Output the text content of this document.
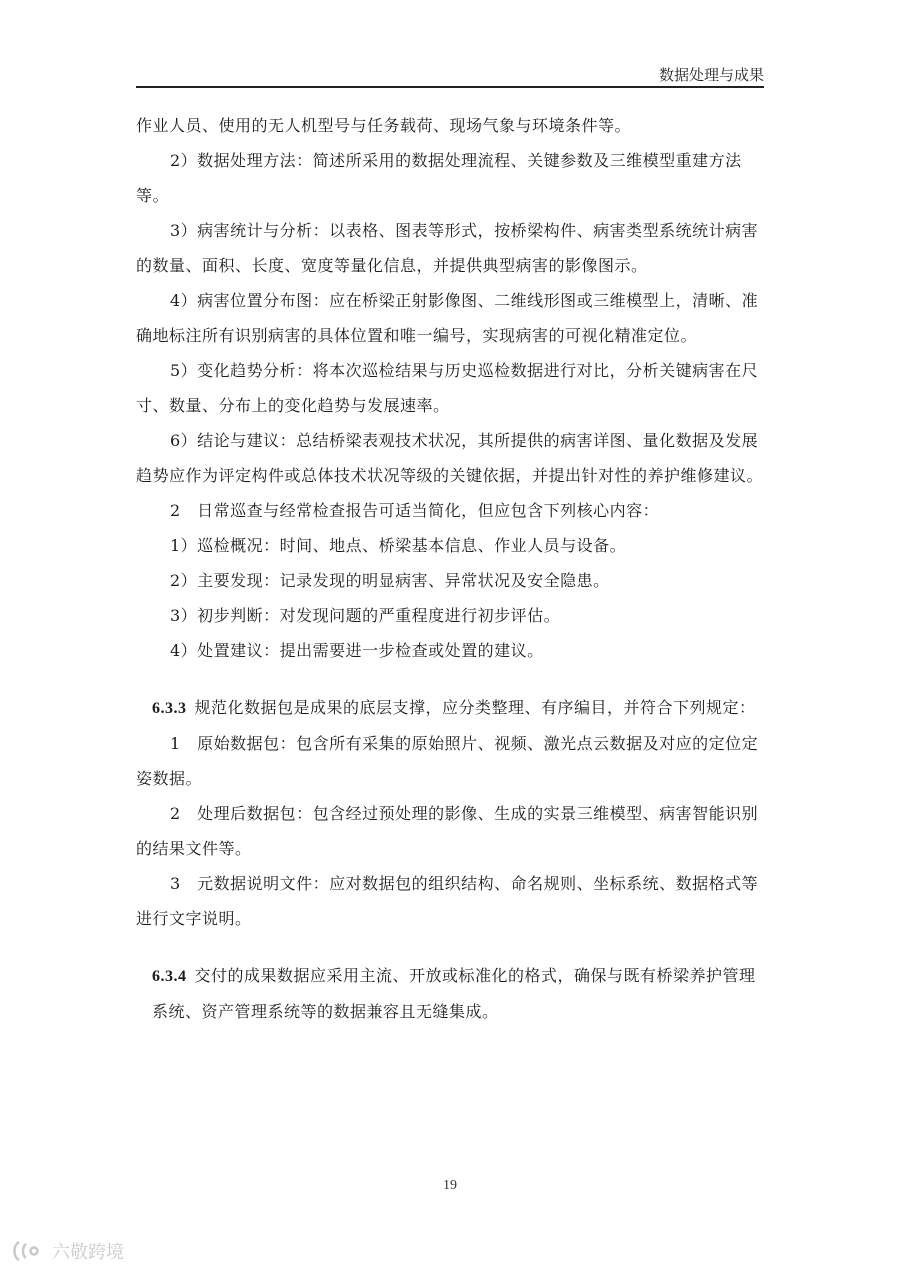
数据处理与成果

作业人员、使用的无人机型号与任务载荷、现场气象与环境条件等。

2）数据处理方法：简述所采用的数据处理流程、关键参数及三维模型重建方法等。

3）病害统计与分析：以表格、图表等形式，按桥梁构件、病害类型系统统计病害的数量、面积、长度、宽度等量化信息，并提供典型病害的影像图示。

4）病害位置分布图：应在桥梁正射影像图、二维线形图或三维模型上，清晰、准确地标注所有识别病害的具体位置和唯一编号，实现病害的可视化精准定位。

5）变化趋势分析：将本次巡检结果与历史巡检数据进行对比，分析关键病害在尺寸、数量、分布上的变化趋势与发展速率。

6）结论与建议：总结桥梁表观技术状况，其所提供的病害详图、量化数据及发展趋势应作为评定构件或总体技术状况等级的关键依据，并提出针对性的养护维修建议。

2　日常巡查与经常检查报告可适当简化，但应包含下列核心内容：

1）巡检概况：时间、地点、桥梁基本信息、作业人员与设备。

2）主要发现：记录发现的明显病害、异常状况及安全隐患。

3）初步判断：对发现问题的严重程度进行初步评估。

4）处置建议：提出需要进一步检查或处置的建议。

6.3.3 规范化数据包是成果的底层支撑，应分类整理、有序编目，并符合下列规定：

1　原始数据包：包含所有采集的原始照片、视频、激光点云数据及对应的定位定姿数据。

2　处理后数据包：包含经过预处理的影像、生成的实景三维模型、病害智能识别的结果文件等。

3　元数据说明文件：应对数据包的组织结构、命名规则、坐标系统、数据格式等进行文字说明。

6.3.4 交付的成果数据应采用主流、开放或标准化的格式，确保与既有桥梁养护管理系统、资产管理系统等的数据兼容且无缝集成。

19
六敬跨境
